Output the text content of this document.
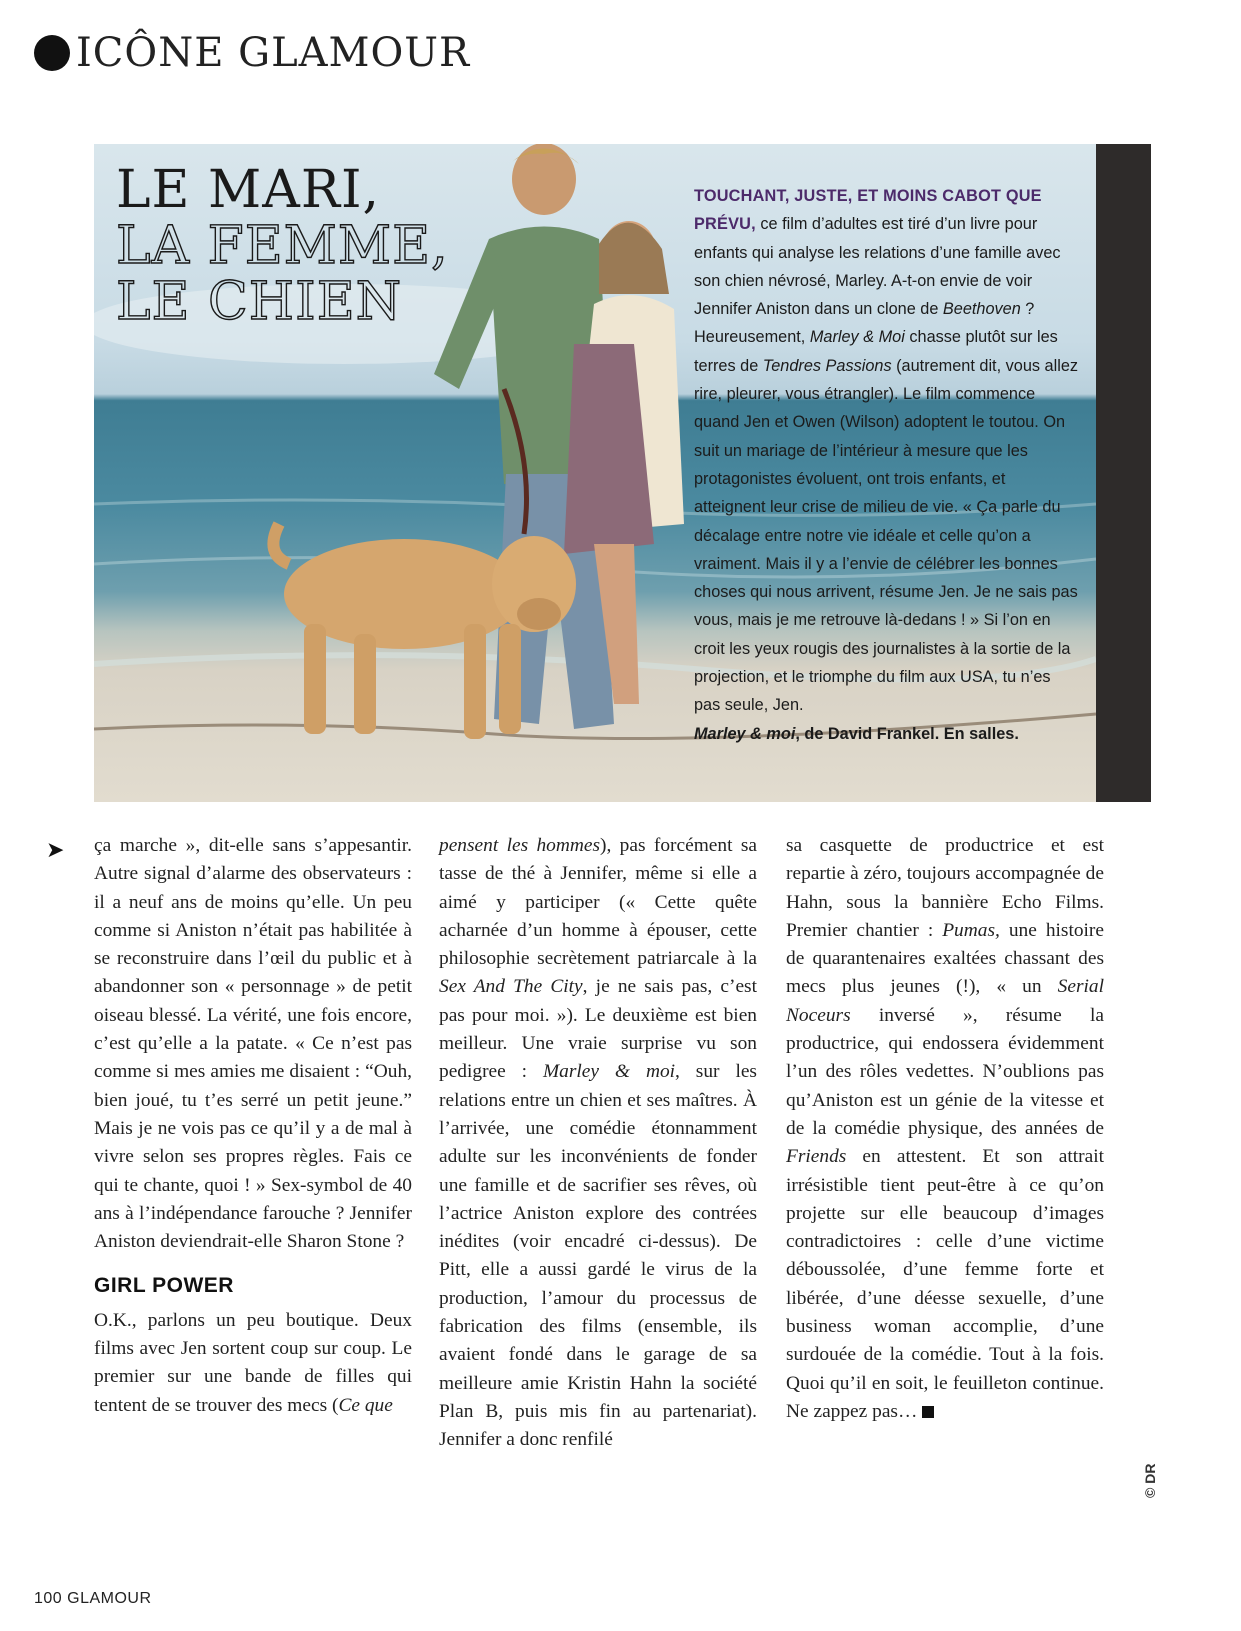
ICÔNE GLAMOUR
LE MARI,
LA FEMME,
LE CHIEN
TOUCHANT, JUSTE, ET MOINS CABOT QUE PRÉVU, ce film d’adultes est tiré d’un livre pour enfants qui analyse les relations d’une famille avec son chien névrosé, Marley. A-t-on envie de voir Jennifer Aniston dans un clone de Beethoven ? Heureusement, Marley & Moi chasse plutôt sur les terres de Tendres Passions (autrement dit, vous allez rire, pleurer, vous étrangler). Le film commence quand Jen et Owen (Wilson) adoptent le toutou. On suit un mariage de l’intérieur à mesure que les protagonistes évoluent, ont trois enfants, et atteignent leur crise de milieu de vie. « Ça parle du décalage entre notre vie idéale et celle qu’on a vraiment. Mais il y a l’envie de célébrer les bonnes choses qui nous arrivent, résume Jen. Je ne sais pas vous, mais je me retrouve là-dedans ! » Si l’on en croit les yeux rougis des journalistes à la sortie de la projection, et le triomphe du film aux USA, tu n’es pas seule, Jen.
Marley & moi, de David Frankel. En salles.
➤ ça marche », dit-elle sans s’appesantir. Autre signal d’alarme des observateurs : il a neuf ans de moins qu’elle. Un peu comme si Aniston n’était pas habilitée à se reconstruire dans l’œil du public et à abandonner son « personnage » de petit oiseau blessé. La vérité, une fois encore, c’est qu’elle a la patate. « Ce n’est pas comme si mes amies me disaient : “Ouh, bien joué, tu t’es serré un petit jeune.” Mais je ne vois pas ce qu’il y a de mal à vivre selon ses propres règles. Fais ce qui te chante, quoi ! » Sex-symbol de 40 ans à l’indépendance farouche ? Jennifer Aniston deviendrait-elle Sharon Stone ?

GIRL POWER

O.K., parlons un peu boutique. Deux films avec Jen sortent coup sur coup. Le premier sur une bande de filles qui tentent de se trouver des mecs (Ce que

pensent les hommes), pas forcément sa tasse de thé à Jennifer, même si elle a aimé y participer (« Cette quête acharnée d’un homme à épouser, cette philosophie secrètement patriarcale à la Sex And The City, je ne sais pas, c’est pas pour moi. »). Le deuxième est bien meilleur. Une vraie surprise vu son pedigree : Marley & moi, sur les relations entre un chien et ses maîtres. À l’arrivée, une comédie étonnamment adulte sur les inconvénients de fonder une famille et de sacrifier ses rêves, où l’actrice Aniston explore des contrées inédites (voir encadré ci-dessus). De Pitt, elle a aussi gardé le virus de la production, l’amour du processus de fabrication des films (ensemble, ils avaient fondé dans le garage de sa meilleure amie Kristin Hahn la société Plan B, puis mis fin au partenariat). Jennifer a donc renfilé

sa casquette de productrice et est repartie à zéro, toujours accompagnée de Hahn, sous la bannière Echo Films. Premier chantier : Pumas, une histoire de quarantenaires exaltées chassant des mecs plus jeunes (!), « un Serial Noceurs inversé », résume la productrice, qui endossera évidemment l’un des rôles vedettes. N’oublions pas qu’Aniston est un génie de la vitesse et de la comédie physique, des années de Friends en attestent. Et son attrait irrésistible tient peut-être à ce qu’on projette sur elle beaucoup d’images contradictoires : celle d’une victime déboussolée, d’une femme forte et libérée, d’une déesse sexuelle, d’une business woman accomplie, d’une surdouée de la comédie. Tout à la fois. Quoi qu’il en soit, le feuilleton continue. Ne zappez pas…

© DR
100 GLAMOUR
